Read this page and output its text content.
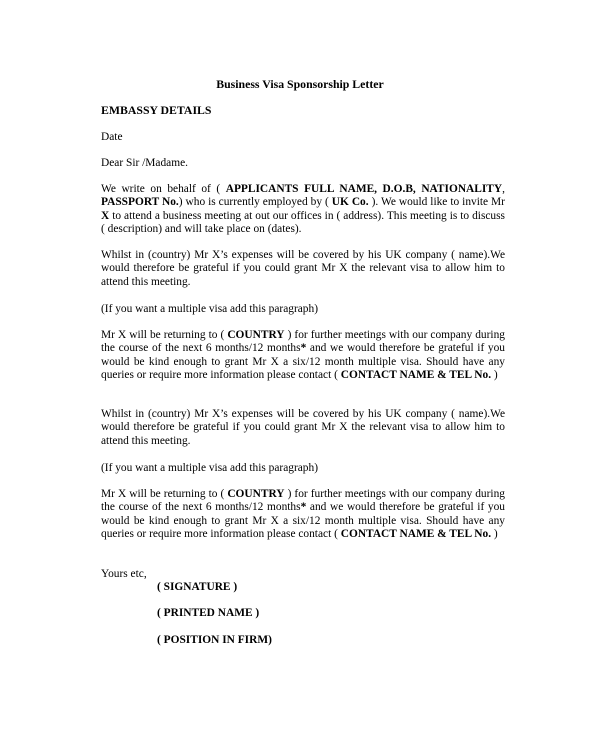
Business Visa Sponsorship Letter
EMBASSY DETAILS
Date
Dear Sir /Madame.
We write on behalf of ( APPLICANTS FULL NAME, D.O.B, NATIONALITY, PASSPORT No.) who is currently employed by ( UK Co. ). We would like to invite Mr X to attend a business meeting at out our offices in ( address). This meeting is to discuss ( description) and will take place on (dates).
Whilst in (country) Mr X’s expenses will be covered by his UK company ( name).We would therefore be grateful if you could grant Mr X the relevant visa to allow him to attend this meeting.
(If you want a multiple visa add this paragraph)
Mr X will be returning to ( COUNTRY ) for further meetings with our company during the course of the next 6 months/12 months* and we would therefore be grateful if you would be kind enough to grant Mr X a six/12 month multiple visa. Should have any queries or require more information please contact ( CONTACT NAME & TEL No. )
Whilst in (country) Mr X’s expenses will be covered by his UK company ( name).We would therefore be grateful if you could grant Mr X the relevant visa to allow him to attend this meeting.
(If you want a multiple visa add this paragraph)
Mr X will be returning to ( COUNTRY ) for further meetings with our company during the course of the next 6 months/12 months* and we would therefore be grateful if you would be kind enough to grant Mr X a six/12 month multiple visa. Should have any queries or require more information please contact ( CONTACT NAME & TEL No. )
Yours etc,
( SIGNATURE )
( PRINTED NAME )
( POSITION IN FIRM)
